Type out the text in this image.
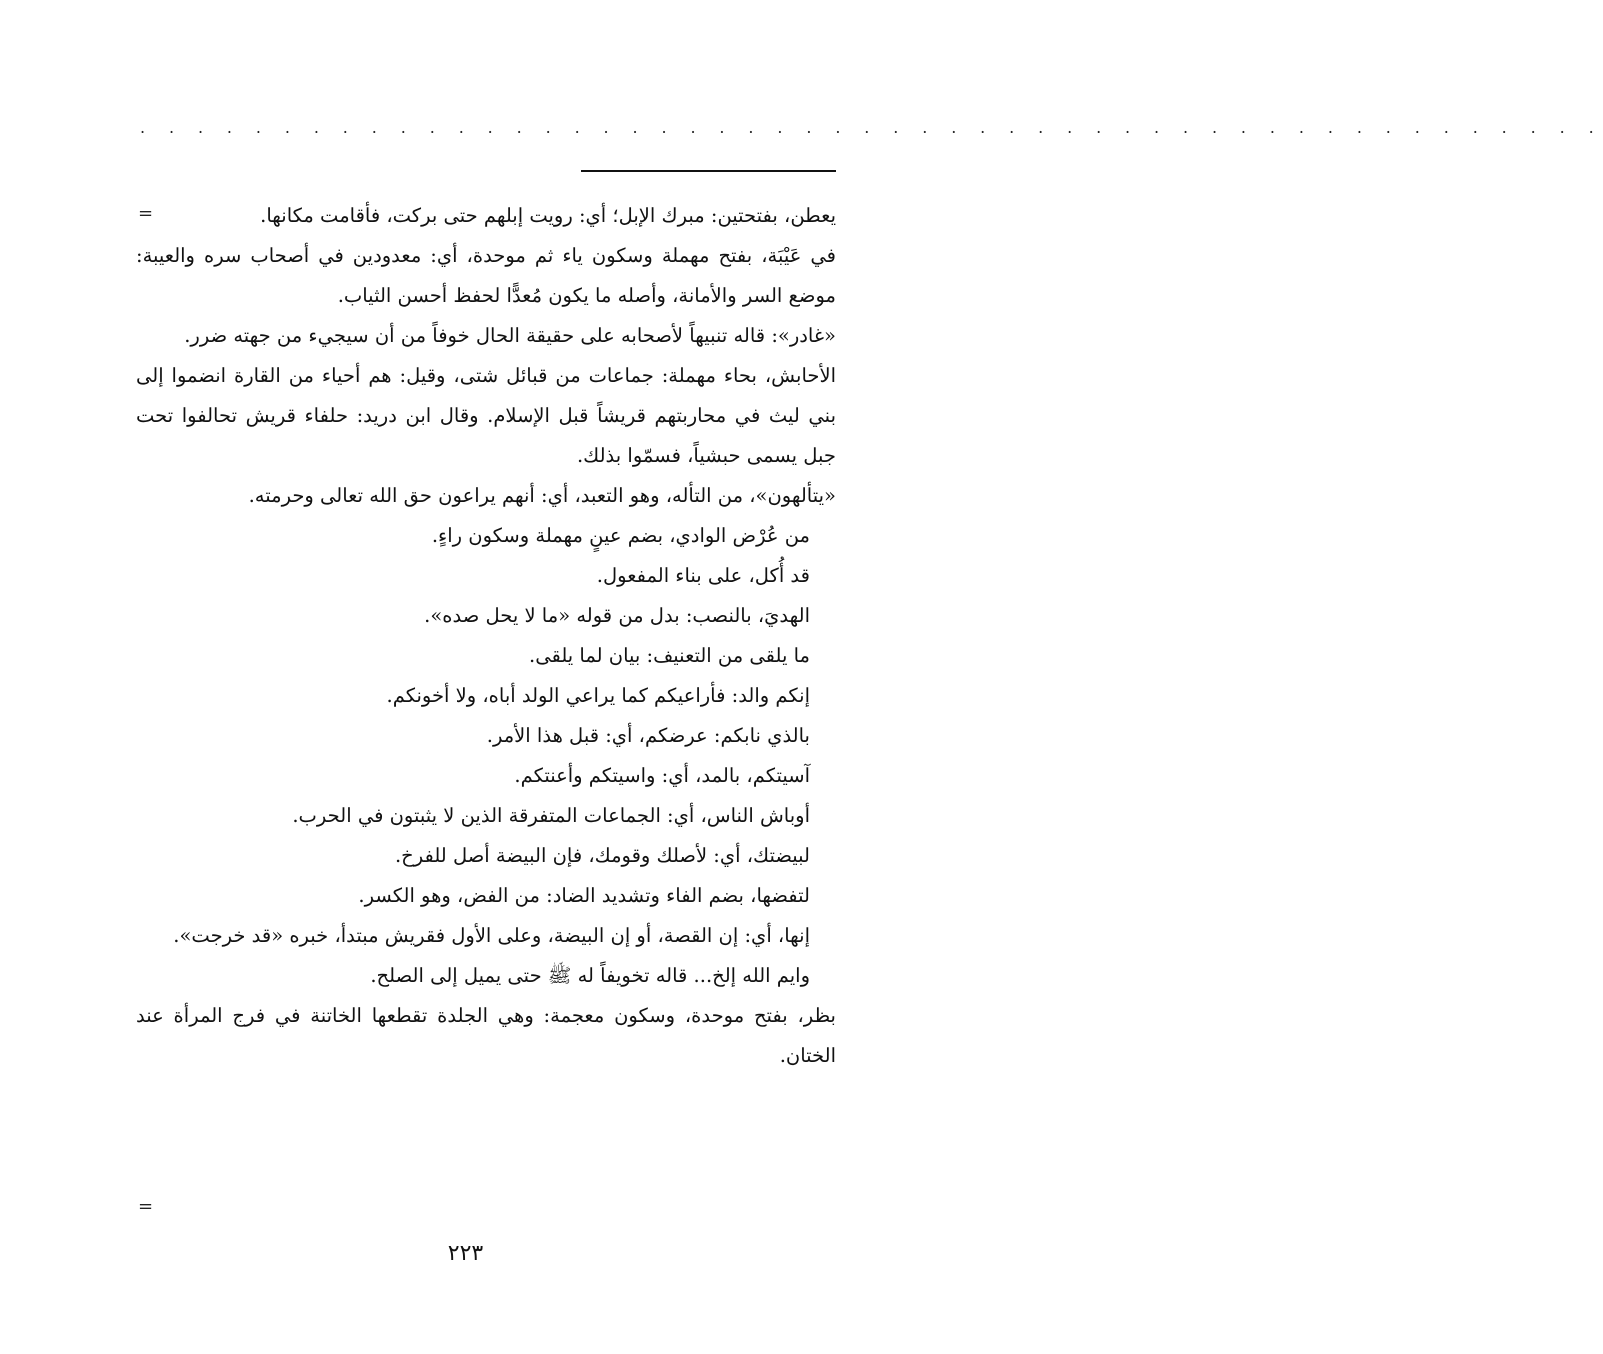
. . . . . . . . . . . . . . . . . . . . . . . . . . . . . . . . . . . . . . . . . . . . . . . . . . .
=	يعطن، بفتحتين: مبرك الإبل؛ أي: رويت إبلهم حتى بركت، فأقامت مكانها.

في عَيْبَة، بفتح مهملة وسكون ياء ثم موحدة، أي: معدودين في أصحاب سره والعيبة: موضع السر والأمانة، وأصله ما يكون مُعدًّا لحفظ أحسن الثياب.

«غادر»: قاله تنبيهاً لأصحابه على حقيقة الحال خوفاً من أن سيجيء من جهته ضرر.

الأحابش، بحاء مهملة: جماعات من قبائل شتى، وقيل: هم أحياء من القارة انضموا إلى بني ليث في محاربتهم قريشاً قبل الإسلام. وقال ابن دريد: حلفاء قريش تحالفوا تحت جبل يسمى حبشياً، فسمّوا بذلك.

«يتألهون»، من التأله، وهو التعبد، أي: أنهم يراعون حق الله تعالى وحرمته.

من عُرْض الوادي، بضم عينٍ مهملة وسكون راءٍ.

قد أُكل، على بناء المفعول.

الهديَ، بالنصب: بدل من قوله «ما لا يحل صده».

ما يلقى من التعنيف: بيان لما يلقى.

إنكم والد: فأراعيكم كما يراعي الولد أباه، ولا أخونكم.

بالذي نابكم: عرضكم، أي: قبل هذا الأمر.

آسيتكم، بالمد، أي: واسيتكم وأعنتكم.

أوباش الناس، أي: الجماعات المتفرقة الذين لا يثبتون في الحرب.

لبيضتك، أي: لأصلك وقومك، فإن البيضة أصل للفرخ.

لتفضها، بضم الفاء وتشديد الضاد: من الفض، وهو الكسر.

إنها، أي: إن القصة، أو إن البيضة، وعلى الأول فقريش مبتدأ، خبره «قد خرجت».

وايم الله إلخ... قاله تخويفاً له ﷺ حتى يميل إلى الصلح.

بظر، بفتح موحدة، وسكون معجمة: وهي الجلدة تقطعها الخاتنة في فرج المرأة عند الختان.

=
٢٢٣
